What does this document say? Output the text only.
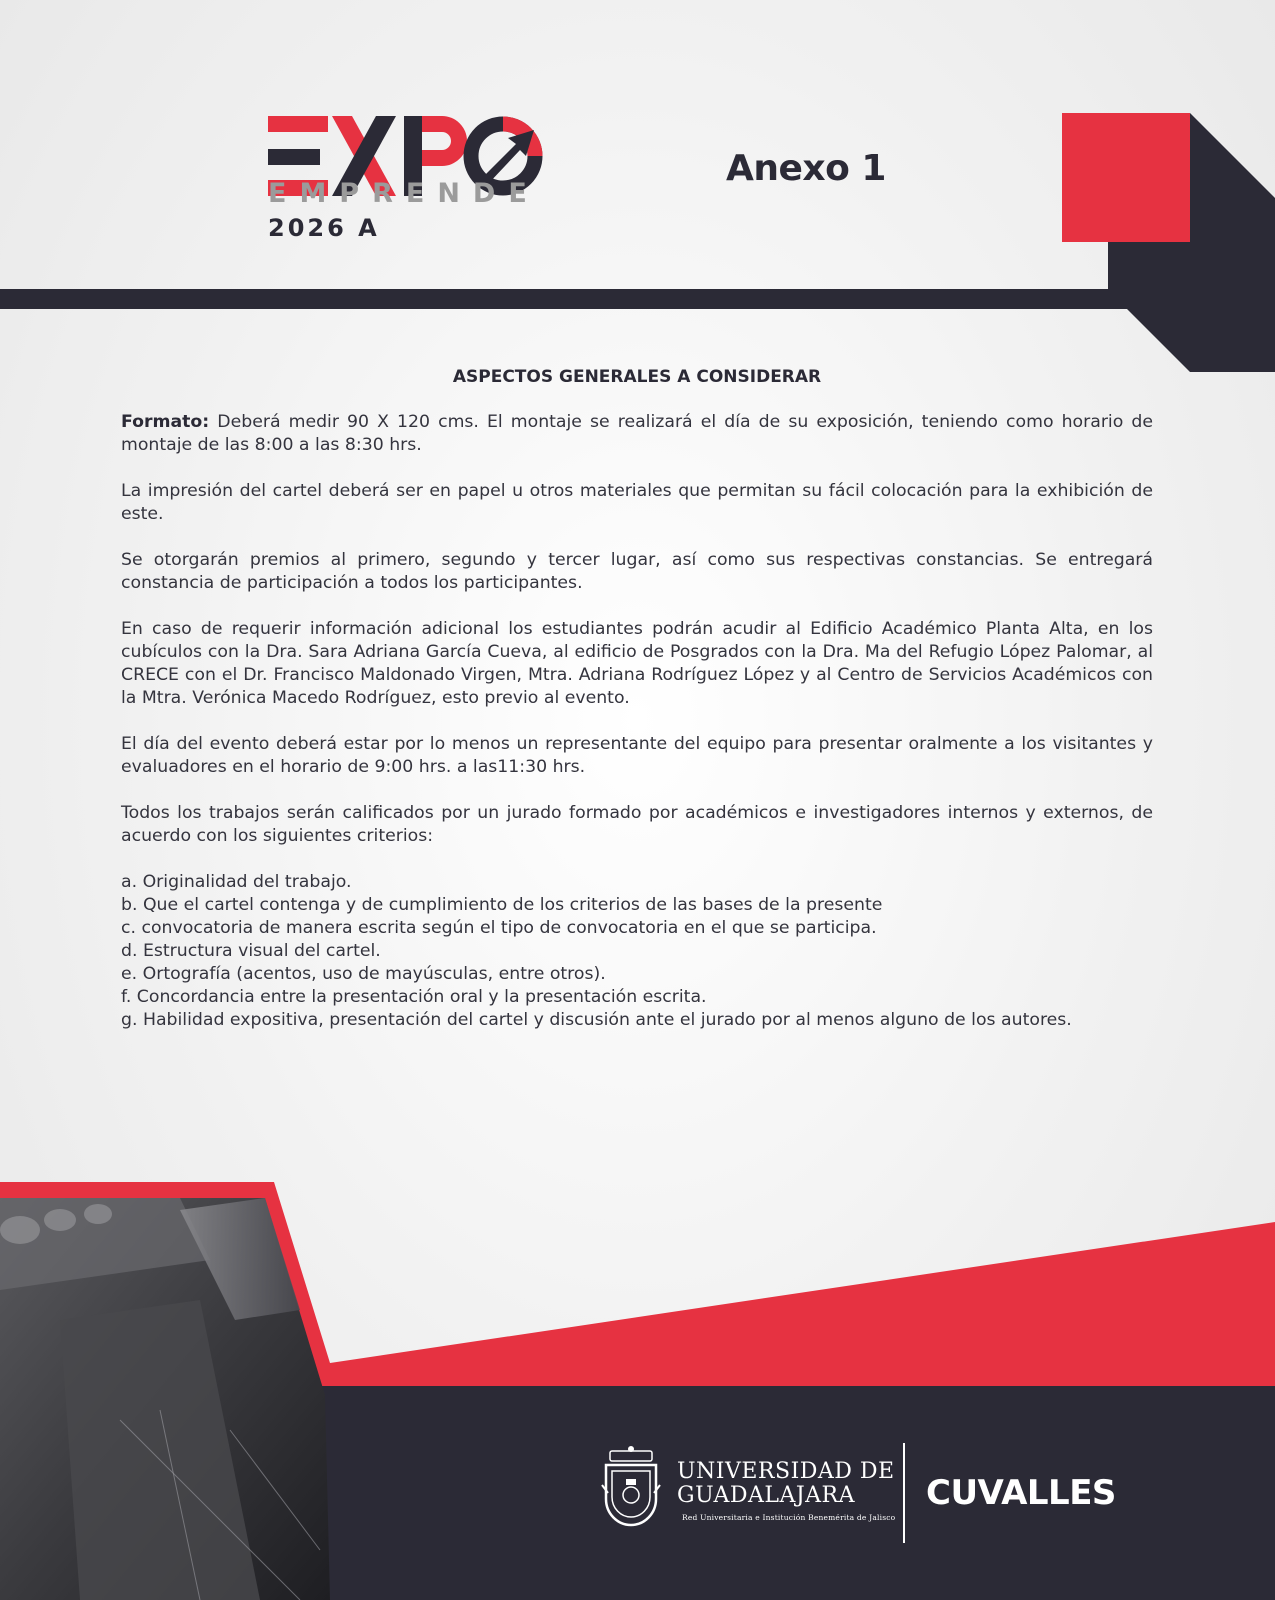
EMPRENDE
2026 A
Anexo 1
ASPECTOS GENERALES A CONSIDERAR

Formato: Deberá medir 90 X 120 cms. El montaje se realizará el día de su exposición, teniendo como horario de montaje de las 8:00 a las 8:30 hrs.

La impresión del cartel deberá ser en papel u otros materiales que permitan su fácil colocación para la exhibición de este.

Se otorgarán premios al primero, segundo y tercer lugar, así como sus respectivas constancias. Se entregará constancia de participación a todos los participantes.

En caso de requerir información adicional los estudiantes podrán acudir al Edificio Académico Planta Alta, en los cubículos con la Dra. Sara Adriana García Cueva, al edificio de Posgrados con la Dra. Ma del Refugio López Palomar, al CRECE con el Dr. Francisco Maldonado Virgen, Mtra. Adriana Rodríguez López y al Centro de Servicios Académicos con la Mtra. Verónica Macedo Rodríguez, esto previo al evento.

El día del evento deberá estar por lo menos un representante del equipo para presentar oralmente a los visitantes y evaluadores en el horario de 9:00 hrs. a las11:30 hrs.

Todos los trabajos serán calificados por un jurado formado por académicos e investigadores internos y externos, de acuerdo con los siguientes criterios:

a. Originalidad del trabajo.
b. Que el cartel contenga y de cumplimiento de los criterios de las bases de la presente
c. convocatoria de manera escrita según el tipo de convocatoria en el que se participa.
d. Estructura visual del cartel.
e. Ortografía (acentos, uso de mayúsculas, entre otros).
f. Concordancia entre la presentación oral y la presentación escrita.
g. Habilidad expositiva, presentación del cartel y discusión ante el jurado por al menos alguno de los autores.
UNIVERSIDAD DE
GUADALAJARA
Red Universitaria e Institución Benemérita de Jalisco
CUVALLES
